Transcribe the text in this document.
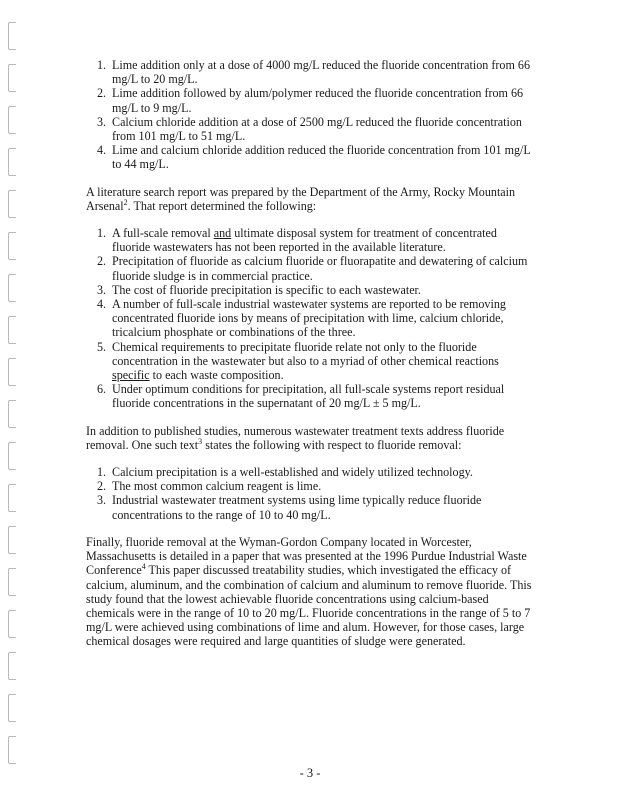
1. Lime addition only at a dose of 4000 mg/L reduced the fluoride concentration from 66 mg/L to 20 mg/L.
2. Lime addition followed by alum/polymer reduced the fluoride concentration from 66 mg/L to 9 mg/L.
3. Calcium chloride addition at a dose of 2500 mg/L reduced the fluoride concentration from 101 mg/L to 51 mg/L.
4. Lime and calcium chloride addition reduced the fluoride concentration from 101 mg/L to 44 mg/L.

A literature search report was prepared by the Department of the Army, Rocky Mountain Arsenal$^2$. That report determined the following:

1. A full-scale removal and ultimate disposal system for treatment of concentrated fluoride wastewaters has not been reported in the available literature.
2. Precipitation of fluoride as calcium fluoride or fluorapatite and dewatering of calcium fluoride sludge is in commercial practice.
3. The cost of fluoride precipitation is specific to each wastewater.
4. A number of full-scale industrial wastewater systems are reported to be removing concentrated fluoride ions by means of precipitation with lime, calcium chloride, tricalcium phosphate or combinations of the three.
5. Chemical requirements to precipitate fluoride relate not only to the fluoride concentration in the wastewater but also to a myriad of other chemical reactions specific to each waste composition.
6. Under optimum conditions for precipitation, all full-scale systems report residual fluoride concentrations in the supernatant of 20 mg/L ± 5 mg/L.

In addition to published studies, numerous wastewater treatment texts address fluoride removal. One such text$^3$ states the following with respect to fluoride removal:

1. Calcium precipitation is a well-established and widely utilized technology.
2. The most common calcium reagent is lime.
3. Industrial wastewater treatment systems using lime typically reduce fluoride concentrations to the range of 10 to 40 mg/L.

Finally, fluoride removal at the Wyman-Gordon Company located in Worcester, Massachusetts is detailed in a paper that was presented at the 1996 Purdue Industrial Waste Conference$^4$ This paper discussed treatability studies, which investigated the efficacy of calcium, aluminum, and the combination of calcium and aluminum to remove fluoride. This study found that the lowest achievable fluoride concentrations using calcium-based chemicals were in the range of 10 to 20 mg/L. Fluoride concentrations in the range of 5 to 7 mg/L were achieved using combinations of lime and alum. However, for those cases, large chemical dosages were required and large quantities of sludge were generated.

- 3 -
